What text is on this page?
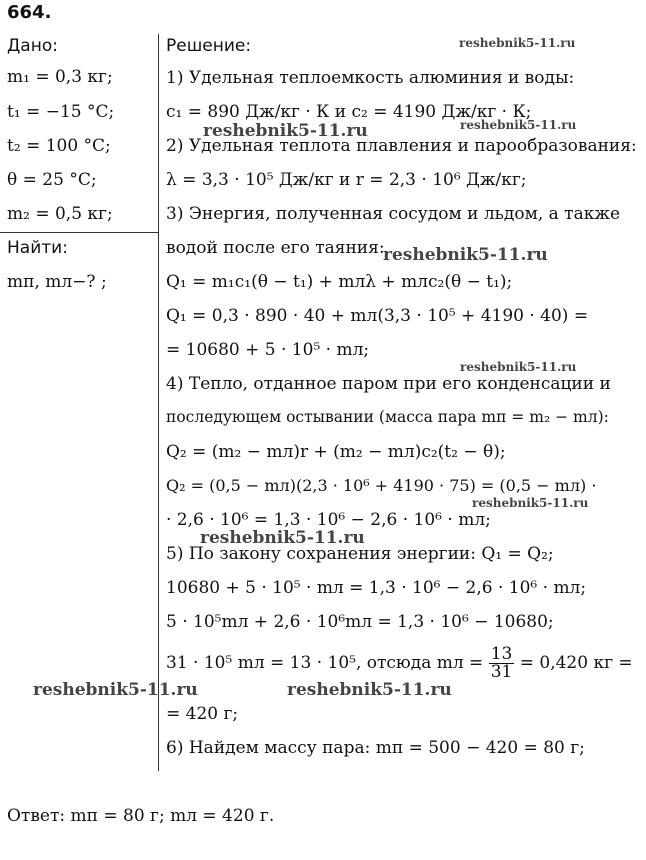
664.
Дано:
m₁ = 0,3 кг;
t₁ = −15 °C;
t₂ = 100 °C;
θ = 25 °C;
m₂ = 0,5 кг;
Найти:
mп, mл−? ;
Решение:
1) Удельная теплоемкость алюминия и воды:
c₁ = 890 Дж/кг · К и c₂ = 4190 Дж/кг · К;
2) Удельная теплота плавления и парообразования:
λ = 3,3 · 10⁵ Дж/кг и r = 2,3 · 10⁶ Дж/кг;
3) Энергия, полученная сосудом и льдом, а также
водой после его таяния:
Q₁ = m₁c₁(θ − t₁) + mлλ + mлc₂(θ − t₁);
Q₁ = 0,3 · 890 · 40 + mл(3,3 · 10⁵ + 4190 · 40) =
= 10680 + 5 · 10⁵ · mл;
4) Тепло, отданное паром при его конденсации и
последующем остывании (масса пара mп = m₂ − mл):
Q₂ = (m₂ − mл)r + (m₂ − mл)c₂(t₂ − θ);
Q₂ = (0,5 − mл)(2,3 · 10⁶ + 4190 · 75) = (0,5 − mл) ·
· 2,6 · 10⁶ = 1,3 · 10⁶ − 2,6 · 10⁶ · mл;
5) По закону сохранения энергии: Q₁ = Q₂;
10680 + 5 · 10⁵ · mл = 1,3 · 10⁶ − 2,6 · 10⁶ · mл;
5 · 10⁵mл + 2,6 · 10⁶mл = 1,3 · 10⁶ − 10680;
31 · 10⁵ mл = 13 · 10⁵, отсюда mл = $\frac{13}{31} = 0,420$ кг =
= 420 г;
6) Найдем массу пара: mп = 500 − 420 = 80 г;
Ответ: mп = 80 г; mл = 420 г.
reshebnik5-11.ru
reshebnik5-11.ru	reshebnik5-11.ru
reshebnik5-11.ru
reshebnik5-11.ru
reshebnik5-11.ru
reshebnik5-11.ru
reshebnik5-11.ru	reshebnik5-11.ru
